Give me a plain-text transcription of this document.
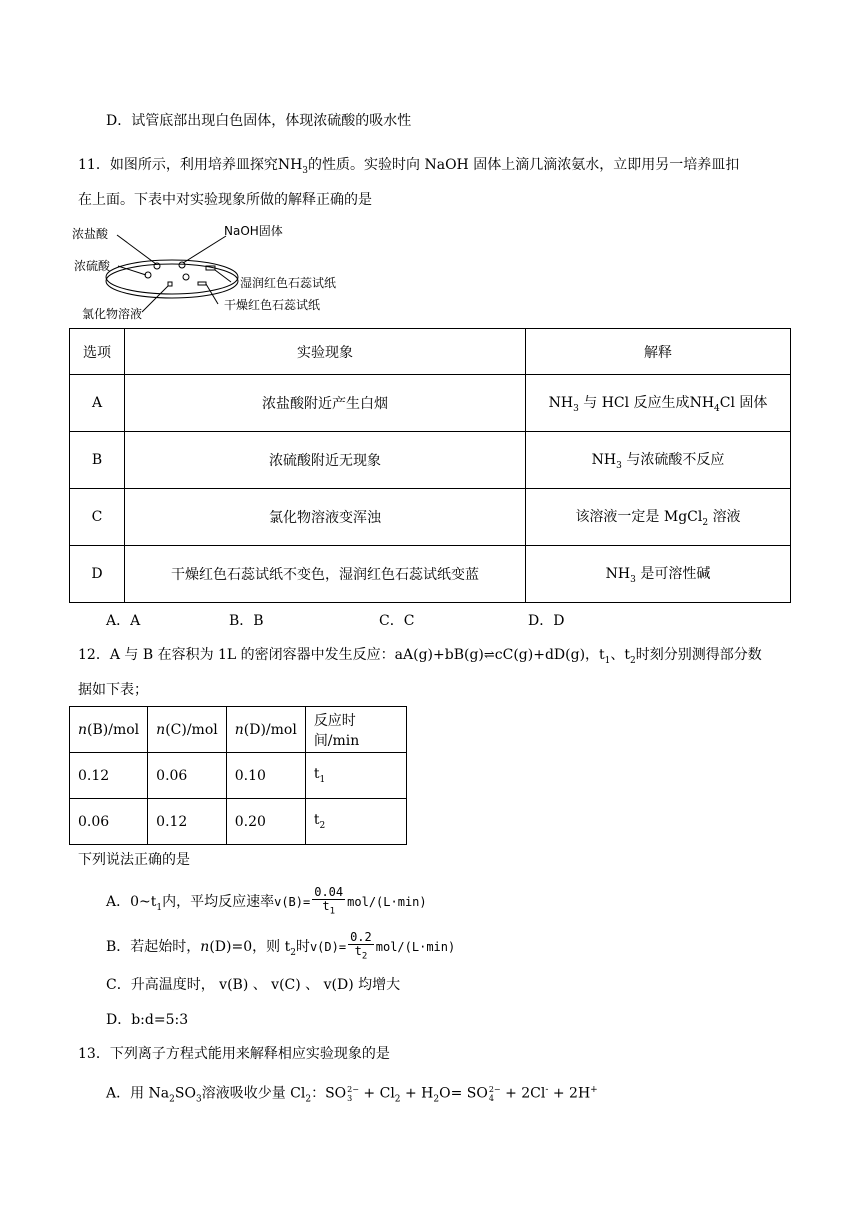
D．试管底部出现白色固体，体现浓硫酸的吸水性
11．如图所示，利用培养皿探究$NH_3$的性质。实验时向 NaOH 固体上滴几滴浓氨水，立即用另一培养皿扣
在上面。下表中对实验现象所做的解释正确的是
浓盐酸	NaOH固体
浓硫酸
湿润红色石蕊试纸
氯化物溶液
干燥红色石蕊试纸
选项	实验现象	解释
A	浓盐酸附近产生白烟	$NH_3$ 与 HCl 反应生成$NH_4Cl$ 固体
B	浓硫酸附近无现象	$NH_3$ 与浓硫酸不反应
C	氯化物溶液变浑浊	该溶液一定是 MgCl$_2$ 溶液
D	干燥红色石蕊试纸不变色，湿润红色石蕊试纸变蓝	$NH_3$ 是可溶性碱
A．A	B．B	C．C	D．D
12．A 与 B 在容积为 1L 的密闭容器中发生反应：aA(g)+bB(g)⇌cC(g)+dD(g)，$t_1$、$t_2$时刻分别测得部分数
据如下表；
n(B)/mol	n(C)/mol	n(D)/mol	反应时间/min
0.12	0.06	0.10	$t_1$
0.06	0.12	0.20	$t_2$
下列说法正确的是
A．$0\sim t_1$内，平均反应速率$v(B)= \frac{0.04}{t_1} mol/(L\cdot\min)$
B．若起始时，n(D)=0，则 $t_2$时$v(D)= \frac{0.2}{t_2} mol/(L\cdot\min)$
C．升高温度时， v(B) 、 v(C) 、 v(D) 均增大
D．b:d=5:3
13．下列离子方程式能用来解释相应实验现象的是
A．用 $Na_2SO_3$溶液吸收少量 $Cl_2$：SO 2−
$3 + Cl_2 + H_2O=$ SO 2−
4 + 2Cl- + 2H+
